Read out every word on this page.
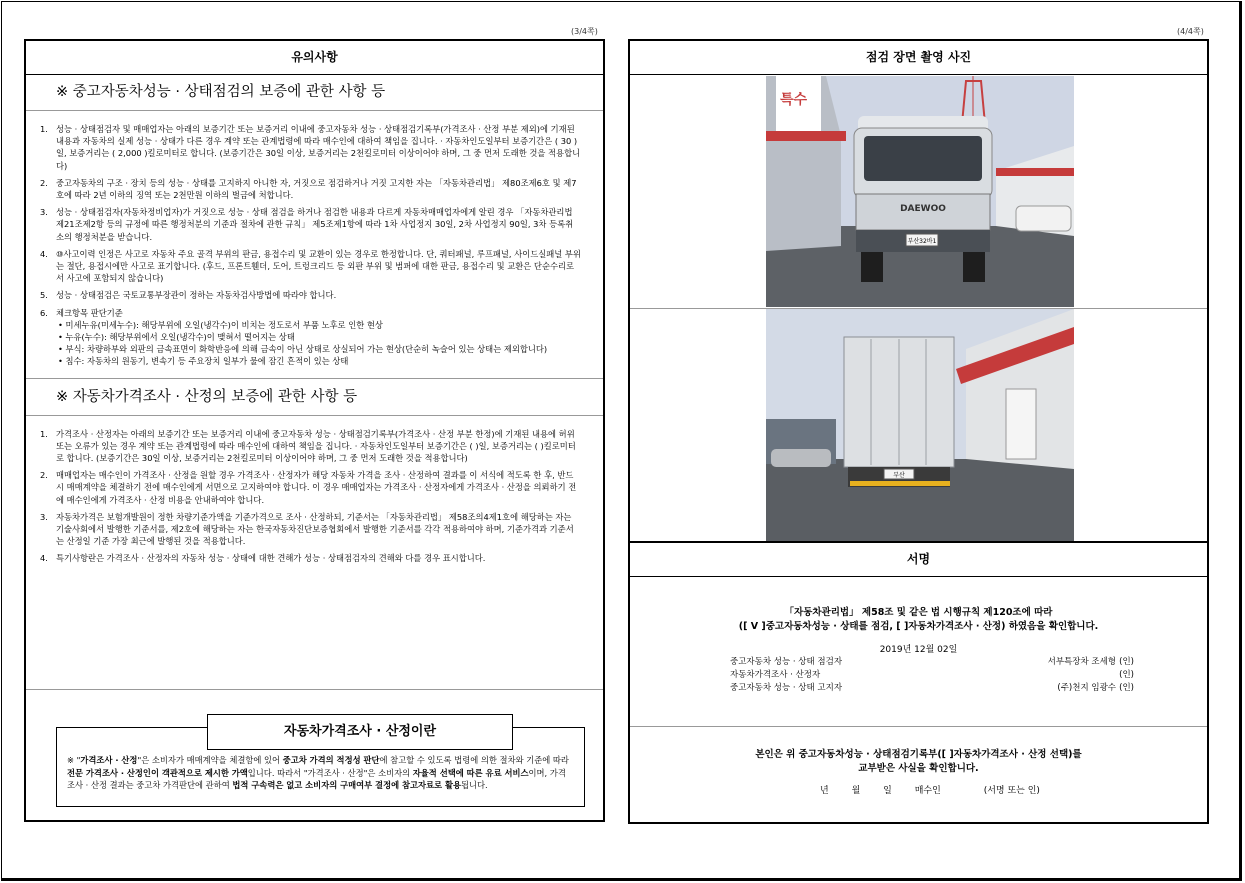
(3/4쪽)
유의사항
※ 중고자동차성능 · 상태점검의 보증에 관한 사항 등
1. 성능 · 상태점검자 및 매매업자는 아래의 보증기간 또는 보증거리 이내에 중고자동차 성능 · 상태점검기록부(가격조사 · 산정 부분 제외)에 기재된 내용과 자동차의 실제 성능 · 상태가 다른 경우 계약 또는 관계법령에 따라 매수인에 대하여 책임을 집니다. · 자동차인도일부터 보증기간은 ( 30 )일, 보증거리는 ( 2,000 )킬로미터로 합니다. (보증기간은 30일 이상, 보증거리는 2천킬로미터 이상이어야 하며, 그 중 먼저 도래한 것을 적용합니다)
2. 중고자동차의 구조 · 장치 등의 성능 · 상태를 고지하지 아니한 자, 거짓으로 점검하거나 거짓 고지한 자는 「자동차관리법」 제80조제6호 및 제7호에 따라 2년 이하의 징역 또는 2천만원 이하의 벌금에 처합니다.
3. 성능 · 상태점검자(자동차정비업자)가 거짓으로 성능 · 상태 점검을 하거나 점검한 내용과 다르게 자동차매매업자에게 알린 경우 「자동차관리법 제21조제2항 등의 규정에 따른 행정처분의 기준과 절차에 관한 규칙」 제5조제1항에 따라 1차 사업정지 30일, 2차 사업정지 90일, 3차 등록취소의 행정처분을 받습니다.
4. ⑩사고이력 인정은 사고로 자동차 주요 골격 부위의 판금, 용접수리 및 교환이 있는 경우로 한정합니다. 단, 쿼터패널, 루프패널, 사이드실패널 부위는 절단, 용접시에만 사고로 표기합니다. (후드, 프론트휀더, 도어, 트렁크리드 등 외판 부위 및 범퍼에 대한 판금, 용접수리 및 교환은 단순수리로서 사고에 포함되지 않습니다)
5. 성능 · 상태점검은 국토교통부장관이 정하는 자동차검사방법에 따라야 합니다.
6. 체크항목 판단기준
• 미세누유(미세누수): 해당부위에 오일(냉각수)이 비치는 정도로서 부품 노후로 인한 현상
• 누유(누수): 해당부위에서 오일(냉각수)이 맺혀서 떨어지는 상태
• 부식: 차량하부와 외판의 금속표면이 화학반응에 의해 금속이 아닌 상태로 상실되어 가는 현상(단순히 녹슬어 있는 상태는 제외합니다)
• 침수: 자동차의 원동기, 변속기 등 주요장치 일부가 물에 잠긴 흔적이 있는 상태
※ 자동차가격조사 · 산정의 보증에 관한 사항 등
1. 가격조사 · 산정자는 아래의 보증기간 또는 보증거리 이내에 중고자동차 성능 · 상태점검기록부(가격조사 · 산정 부분 한정)에 기재된 내용에 허위 또는 오류가 있는 경우 계약 또는 관계법령에 따라 매수인에 대하여 책임을 집니다. · 자동차인도일부터 보증기간은 ( )일, 보증거리는 ( )킬로미터로 합니다. (보증기간은 30일 이상, 보증거리는 2천킬로미터 이상이어야 하며, 그 중 먼저 도래한 것을 적용합니다)
2. 매매업자는 매수인이 가격조사 · 산정을 원할 경우 가격조사 · 산정자가 해당 자동차 가격을 조사 · 산정하여 결과를 이 서식에 적도록 한 후, 반드시 매매계약을 체결하기 전에 매수인에게 서면으로 고지하여야 합니다. 이 경우 매매업자는 가격조사 · 산정자에게 가격조사 · 산정을 의뢰하기 전에 매수인에게 가격조사 · 산정 비용을 안내하여야 합니다.
3. 자동차가격은 보험개발원이 정한 차량기준가액을 기준가격으로 조사 · 산정하되, 기준서는 「자동차관리법」 제58조의4제1호에 해당하는 자는 기술사회에서 발행한 기준서를, 제2호에 해당하는 자는 한국자동차진단보증협회에서 발행한 기준서를 각각 적용하여야 하며, 기준가격과 기준서는 산정일 기준 가장 최근에 발행된 것을 적용합니다.
4. 특기사항란은 가격조사 · 산정자의 자동차 성능 · 상태에 대한 견해가 성능 · 상태점검자의 견해와 다를 경우 표시합니다.
자동차가격조사 · 산정이란
※ "가격조사 · 산정"은 소비자가 매매계약을 체결함에 있어 중고차 가격의 적정성 판단에 참고할 수 있도록 법령에 의한 절차와 기준에 따라 전문 가격조사 · 산정인이 객관적으로 제시한 가액입니다. 따라서 "가격조사 · 산정"은 소비자의 자율적 선택에 따른 유료 서비스이며, 가격조사 · 산정 결과는 중고차 가격판단에 관하여 법적 구속력은 없고 소비자의 구매여부 결정에 참고자료로 활용됩니다.
(4/4쪽)
점검 장면 촬영 사진
특수
DAEWOO
부산32바1
부산
서명
「자동차관리법」 제58조 및 같은 법 시행규칙 제120조에 따라
([ V ]중고자동차성능 · 상태를 점검, [ ]자동차가격조사 · 산정) 하였음을 확인합니다.
2019년 12월 02일
중고자동차 성능 · 상태 점검자	서부특장차 조세형 (인)
자동차가격조사 · 산정자	(인)
중고자동차 성능 · 상태 고지자	(주)천지 임광수 (인)
본인은 위 중고자동차성능 · 상태점검기록부([ ]자동차가격조사 · 산정 선택)를
교부받은 사실을 확인합니다.
년	월	일	매수인	(서명 또는 인)
